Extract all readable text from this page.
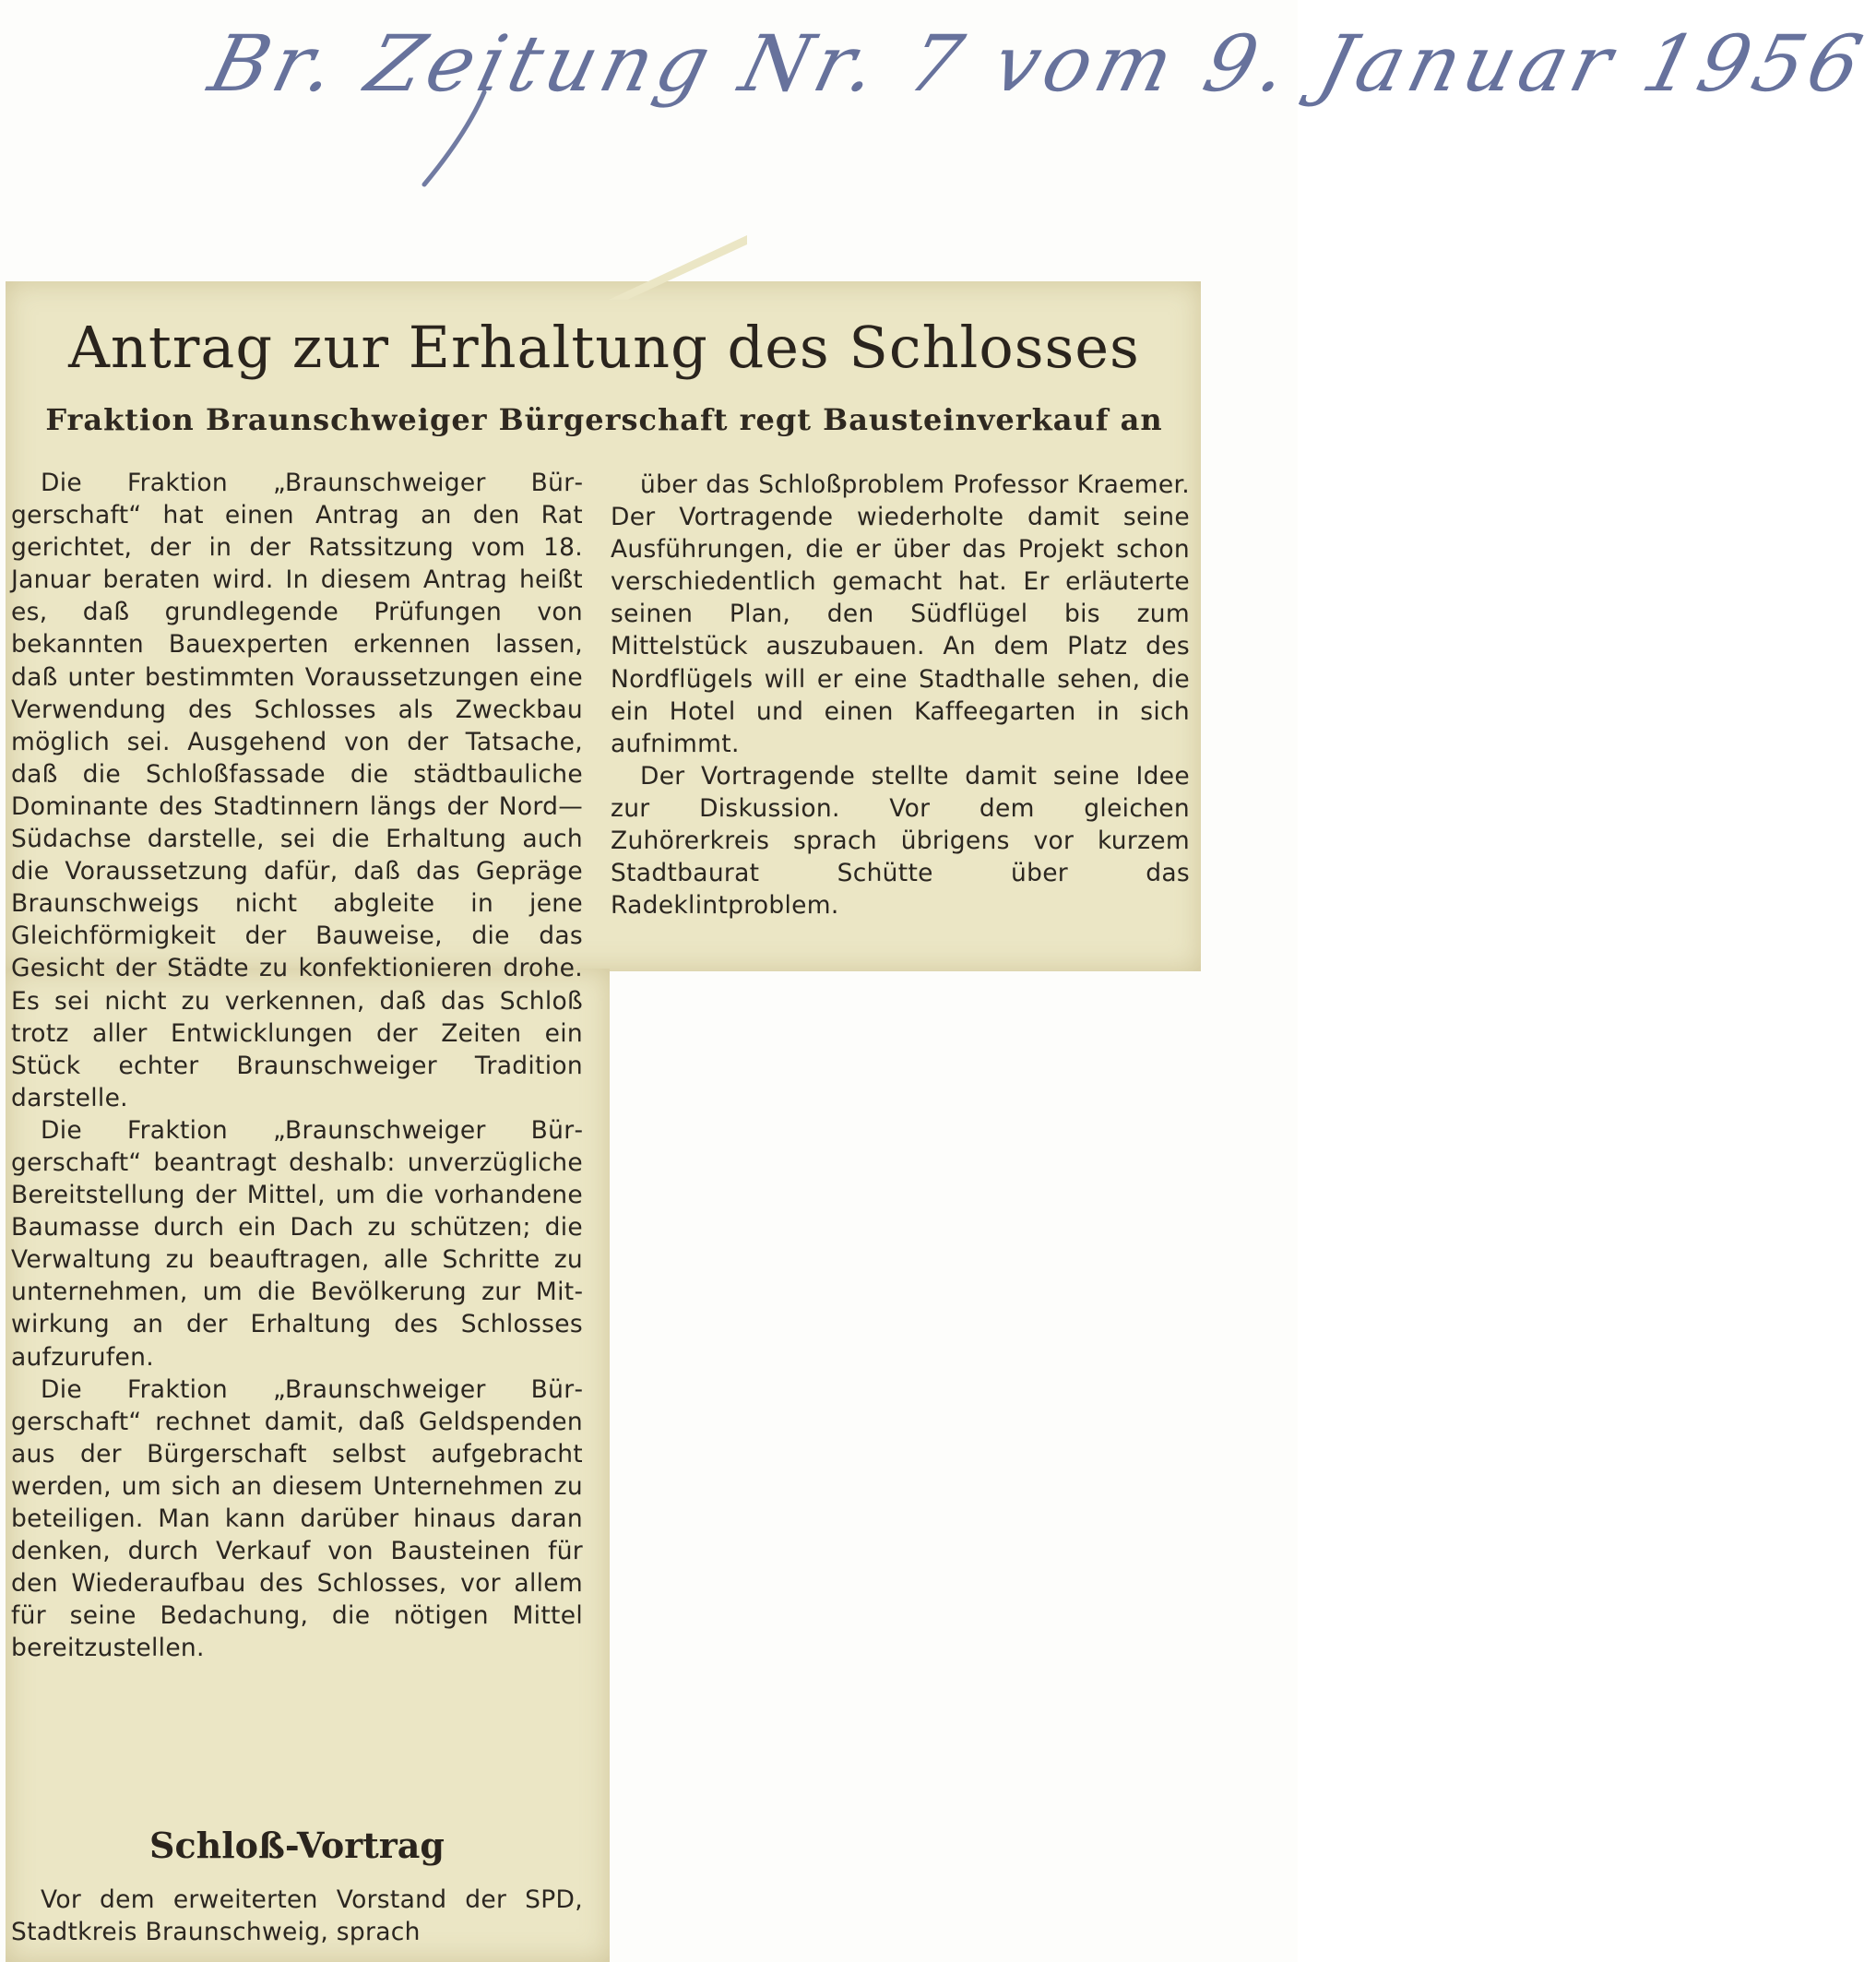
Br. Zeitung Nr. 7 vom 9. Januar 1956
Antrag zur Erhaltung des Schlosses
Fraktion Braunschweiger Bürgerschaft regt Bausteinverkauf an

Die Fraktion „Braunschweiger Bürgerschaft“ hat einen Antrag an den Rat gerichtet, der in der Ratssitzung vom 18. Januar beraten wird. In diesem Antrag heißt es, daß grundlegende Prüfungen von bekannten Bauexperten erkennen lassen, daß unter bestimmten Voraussetzungen eine Verwendung des Schlosses als Zweckbau möglich sei. Ausgehend von der Tatsache, daß die Schloßfassade die städtbauliche Dominante des Stadtinnern längs der Nord—Südachse darstelle, sei die Erhaltung auch die Voraussetzung dafür, daß das Gepräge Braunschweigs nicht abgleite in jene Gleichförmigkeit der Bauweise, die das Gesicht der Städte zu konfektionieren drohe. Es sei nicht zu verkennen, daß das Schloß trotz aller Entwicklungen der Zeiten ein Stück echter Braunschweiger Tradition darstelle.

Die Fraktion „Braunschweiger Bürgerschaft“ beantragt deshalb: unverzügliche Bereitstellung der Mittel, um die vorhandene Baumasse durch ein Dach zu schützen; die Verwaltung zu beauftragen, alle Schritte zu unternehmen, um die Bevölkerung zur Mitwirkung an der Erhaltung des Schlosses aufzurufen.

Die Fraktion „Braunschweiger Bürgerschaft“ rechnet damit, daß Geldspenden aus der Bürgerschaft selbst aufgebracht werden, um sich an diesem Unternehmen zu beteiligen. Man kann darüber hinaus daran denken, durch Verkauf von Bausteinen für den Wiederaufbau des Schlosses, vor allem für seine Bedachung, die nötigen Mittel bereitzustellen.

Schloß-Vortrag

Vor dem erweiterten Vorstand der SPD, Stadtkreis Braunschweig, sprach

über das Schloßproblem Professor Kraemer. Der Vortragende wiederholte damit seine Ausführungen, die er über das Projekt schon verschiedentlich gemacht hat. Er erläuterte seinen Plan, den Südflügel bis zum Mittelstück auszubauen. An dem Platz des Nordflügels will er eine Stadthalle sehen, die ein Hotel und einen Kaffeegarten in sich aufnimmt.

Der Vortragende stellte damit seine Idee zur Diskussion. Vor dem gleichen Zuhörerkreis sprach übrigens vor kurzem Stadtbaurat Schütte über das Radeklintproblem.
